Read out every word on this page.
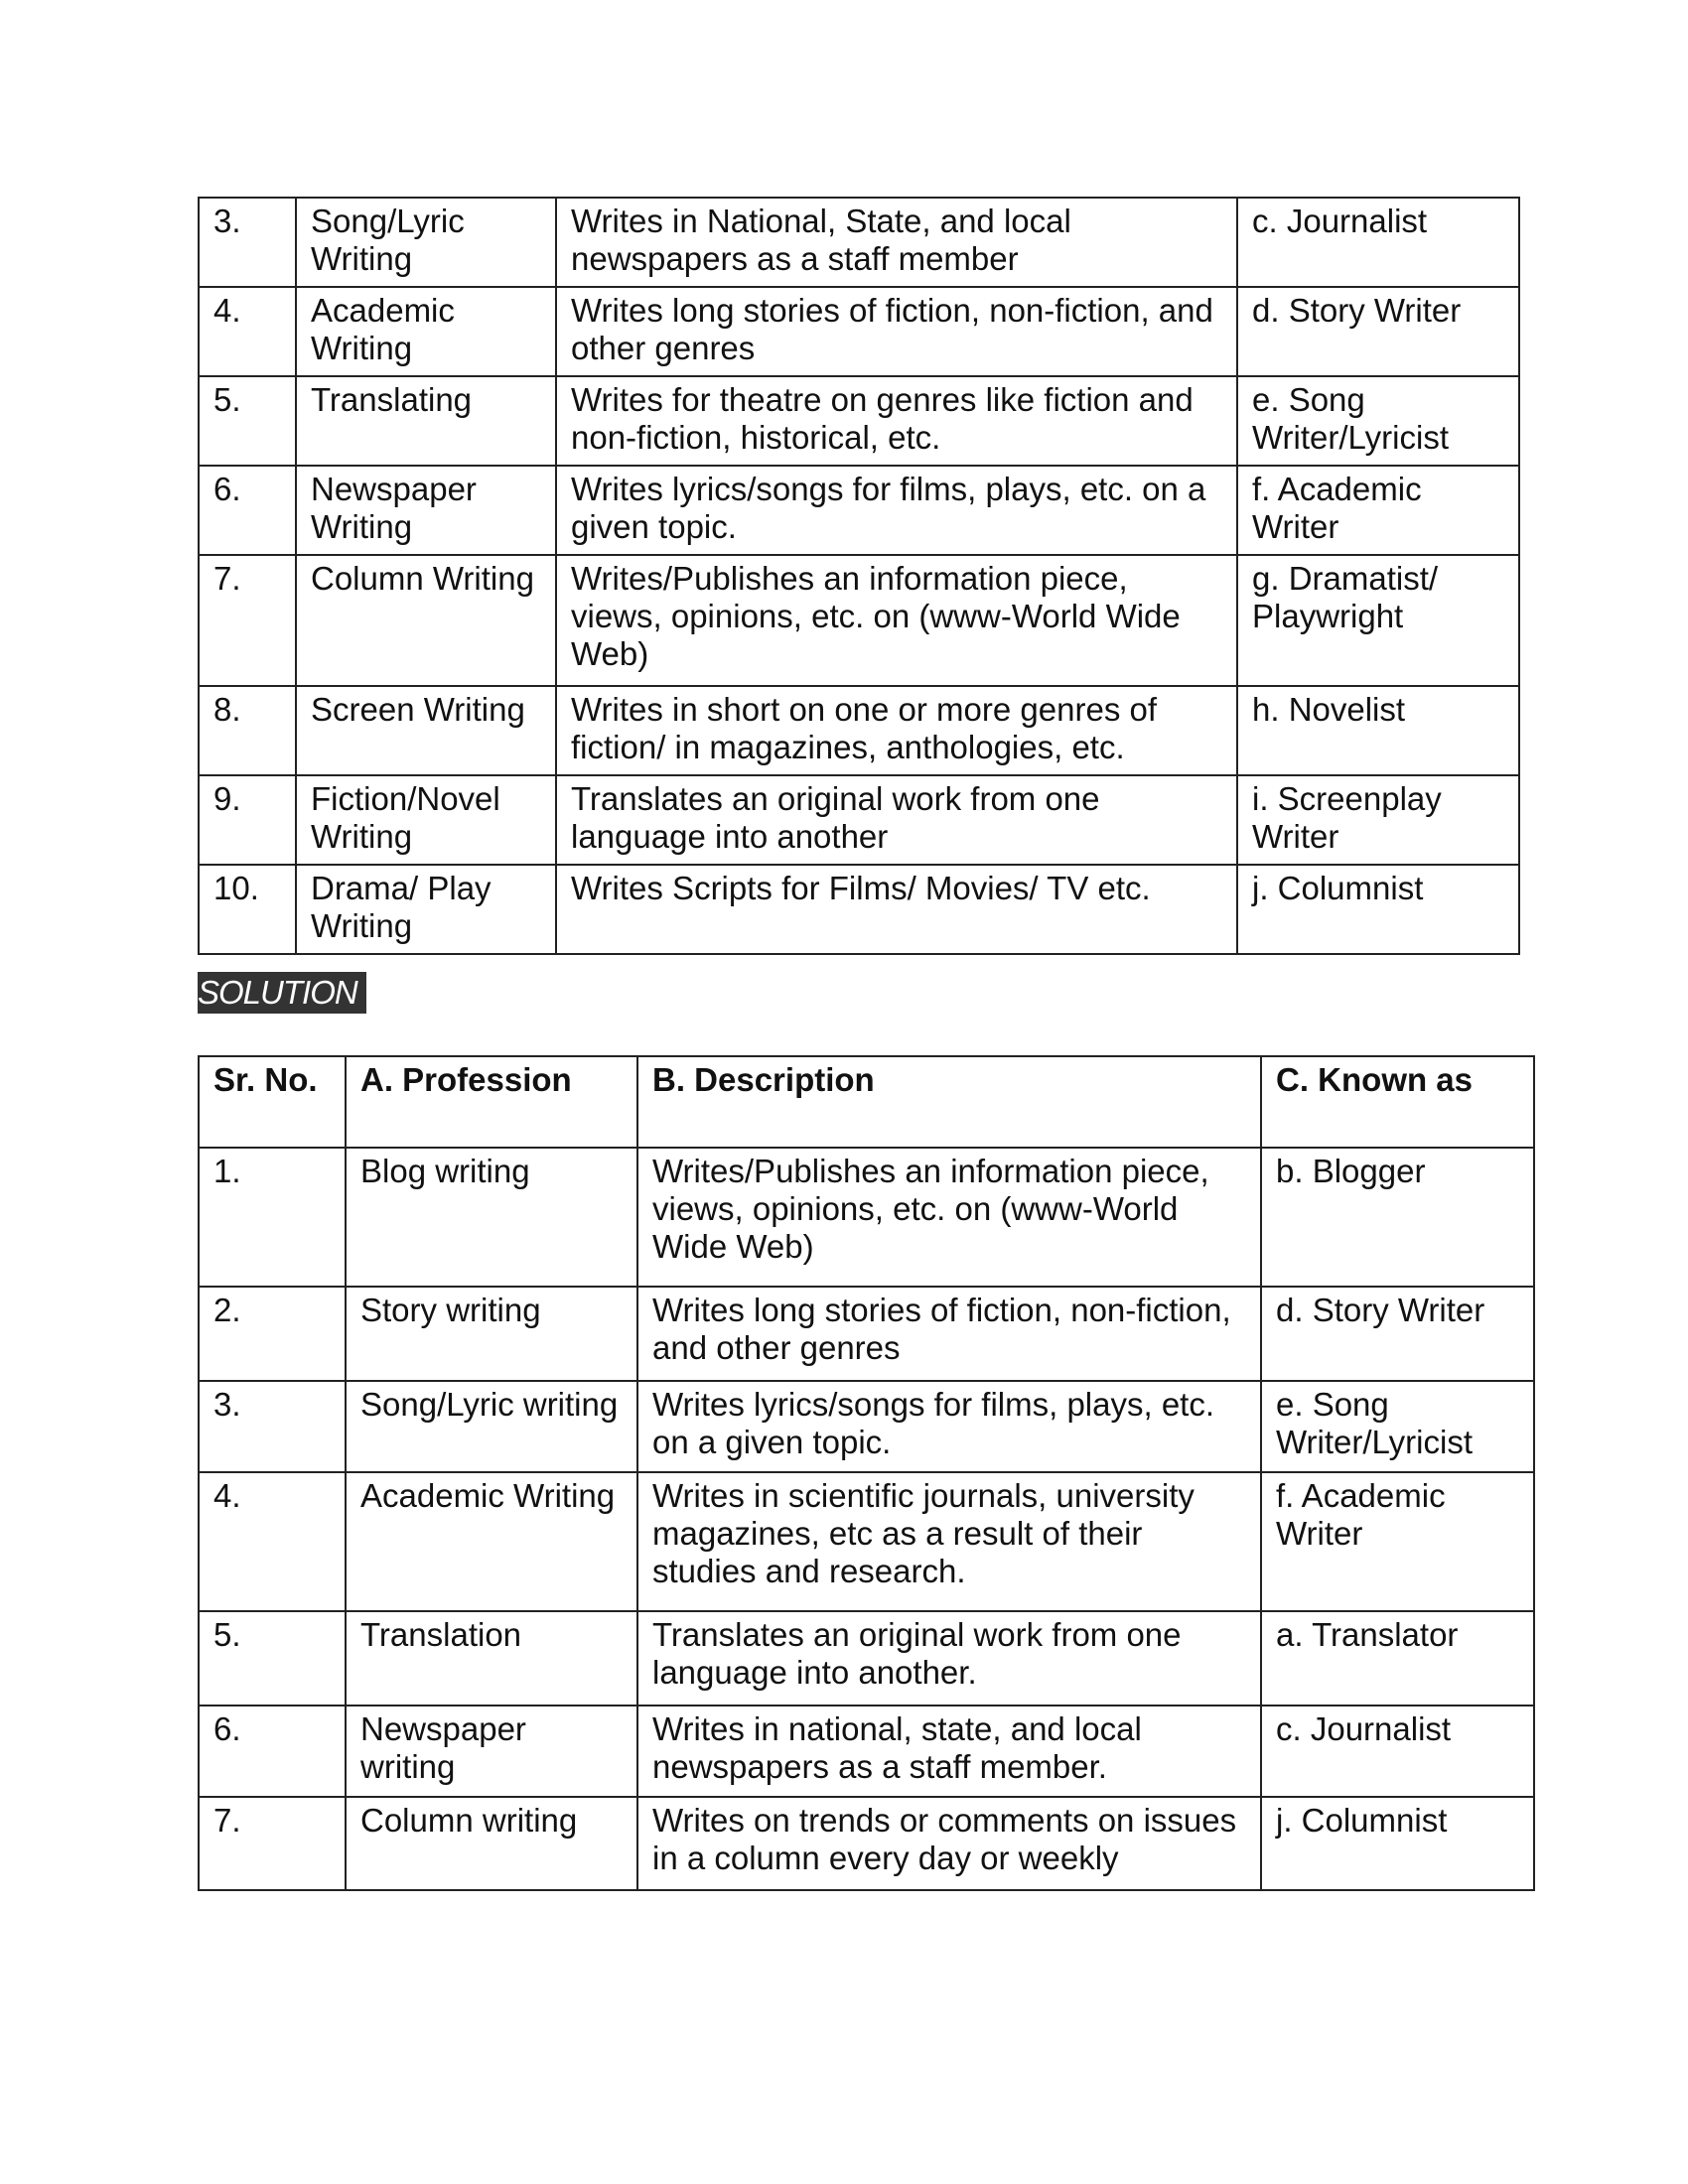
3.	Song/Lyric Writing	Writes in National, State, and local newspapers as a staff member	c. Journalist
4.	Academic Writing	Writes long stories of fiction, non-fiction, and other genres	d. Story Writer
5.	Translating	Writes for theatre on genres like fiction and non-fiction, historical, etc.	e. Song Writer/Lyricist
6.	Newspaper Writing	Writes lyrics/songs for films, plays, etc. on a given topic.	f. Academic Writer
7.	Column Writing	Writes/Publishes an information piece, views, opinions, etc. on (www-World Wide Web)	g. Dramatist/ Playwright
8.	Screen Writing	Writes in short on one or more genres of fiction/ in magazines, anthologies, etc.	h. Novelist
9.	Fiction/Novel Writing	Translates an original work from one language into another	i. Screenplay Writer
10.	Drama/ Play Writing	Writes Scripts for Films/ Movies/ TV etc.	j. Columnist
SOLUTION
Sr. No.	A. Profession	B. Description	C. Known as
1.	Blog writing	Writes/Publishes an information piece, views, opinions, etc. on (www-World Wide Web)	b. Blogger
2.	Story writing	Writes long stories of fiction, non-fiction, and other genres	d. Story Writer
3.	Song/Lyric writing	Writes lyrics/songs for films, plays, etc. on a given topic.	e. Song Writer/Lyricist
4.	Academic Writing	Writes in scientific journals, university magazines, etc as a result of their studies and research.	f. Academic Writer
5.	Translation	Translates an original work from one language into another.	a. Translator
6.	Newspaper writing	Writes in national, state, and local newspapers as a staff member.	c. Journalist
7.	Column writing	Writes on trends or comments on issues in a column every day or weekly	j. Columnist
